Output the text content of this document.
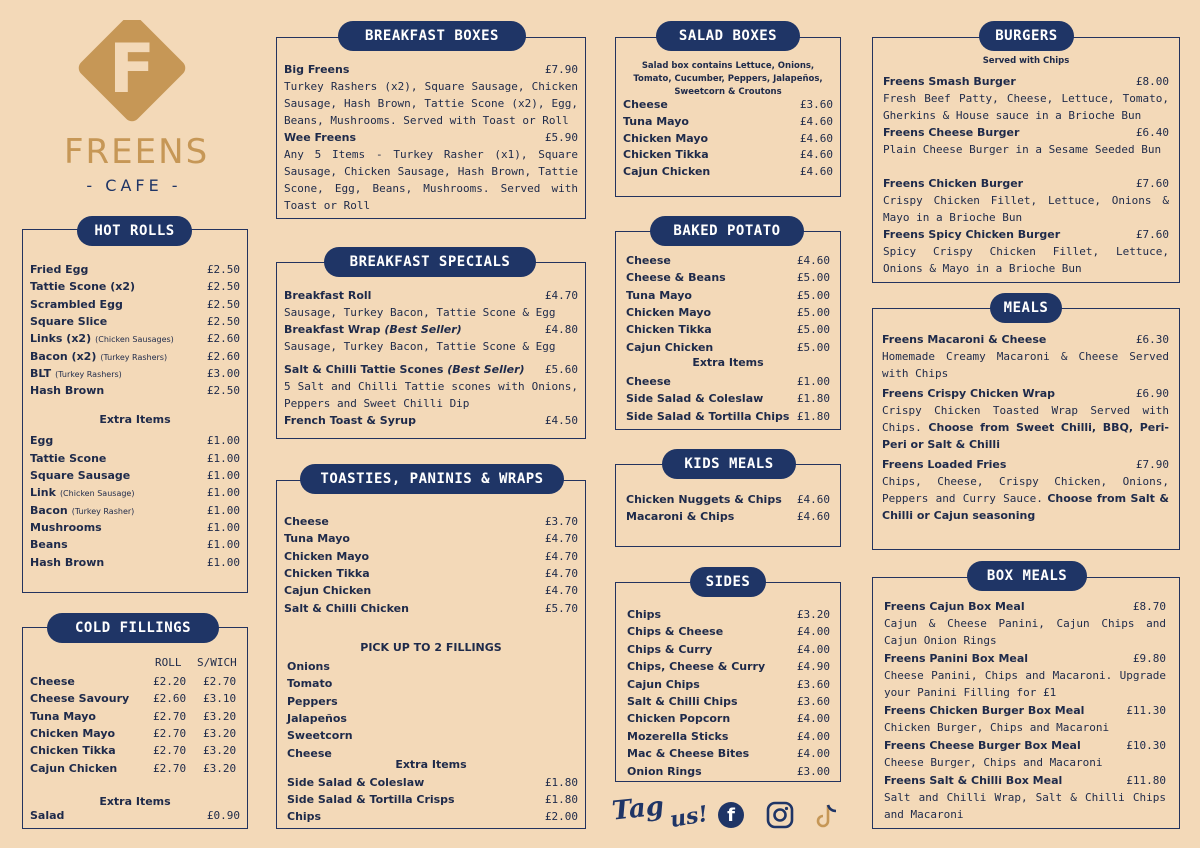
F
FREENS
- CAFE -
HOT ROLLS
Fried Egg	£2.50
Tattie Scone (x2)	£2.50
Scrambled Egg	£2.50
Square Slice	£2.50
Links (x2) (Chicken Sausages)	£2.60
Bacon (x2) (Turkey Rashers)	£2.60
BLT (Turkey Rashers)	£3.00
Hash Brown	£2.50
Extra Items
Egg	£1.00
Tattie Scone	£1.00
Square Sausage	£1.00
Link (Chicken Sausage)	£1.00
Bacon (Turkey Rasher)	£1.00
Mushrooms	£1.00
Beans	£1.00
Hash Brown	£1.00
COLD FILLINGS
ROLL S/WICH
Cheese	£2.20 £2.70
Cheese Savoury £2.60 £3.10
Tuna Mayo	£2.70 £3.20
Chicken Mayo	£2.70 £3.20
Chicken Tikka	£2.70 £3.20
Cajun Chicken	£2.70 £3.20
Extra Items
Salad	£0.90
BREAKFAST BOXES
Big Freens	£7.90
Turkey Rashers (x2), Square Sausage, Chicken Sausage, Hash Brown, Tattie Scone (x2), Egg, Beans, Mushrooms. Served with Toast or Roll
Wee Freens	£5.90
Any 5 Items - Turkey Rasher (x1), Square Sausage, Chicken Sausage, Hash Brown, Tattie Scone, Egg, Beans, Mushrooms. Served with Toast or Roll
BREAKFAST SPECIALS
Breakfast Roll	£4.70
Sausage, Turkey Bacon, Tattie Scone & Egg
Breakfast Wrap (Best Seller)	£4.80
Sausage, Turkey Bacon, Tattie Scone & Egg
Salt & Chilli Tattie Scones (Best Seller) £5.60
5 Salt and Chilli Tattie scones with Onions, Peppers and Sweet Chilli Dip
French Toast & Syrup	£4.50
TOASTIES, PANINIS & WRAPS
Cheese	£3.70
Tuna Mayo	£4.70
Chicken Mayo	£4.70
Chicken Tikka	£4.70
Cajun Chicken	£4.70
Salt & Chilli Chicken	£5.70
PICK UP TO 2 FILLINGS
Onions
Tomato
Peppers
Jalapeños
Sweetcorn
Cheese
Extra Items
Side Salad & Coleslaw	£1.80
Side Salad & Tortilla Crisps	£1.80
Chips	£2.00
SALAD BOXES
Salad box contains Lettuce, Onions, Tomato, Cucumber, Peppers, Jalapeños, Sweetcorn & Croutons
Cheese	£3.60
Tuna Mayo	£4.60
Chicken Mayo	£4.60
Chicken Tikka	£4.60
Cajun Chicken	£4.60
BAKED POTATO
Cheese	£4.60
Cheese & Beans	£5.00
Tuna Mayo	£5.00
Chicken Mayo	£5.00
Chicken Tikka	£5.00
Cajun Chicken	£5.00
Extra Items
Cheese	£1.00
Side Salad & Coleslaw	£1.80
Side Salad & Tortilla Chips £1.80
KIDS MEALS
Chicken Nuggets & Chips £4.60
Macaroni & Chips	£4.60
SIDES
Chips	£3.20
Chips & Cheese	£4.00
Chips & Curry	£4.00
Chips, Cheese & Curry	£4.90
Cajun Chips	£3.60
Salt & Chilli Chips	£3.60
Chicken Popcorn	£4.00
Mozerella Sticks	£4.00
Mac & Cheese Bites	£4.00
Onion Rings	£3.00
Tag us! f
BURGERS
Served with Chips
Freens Smash Burger	£8.00
Fresh Beef Patty, Cheese, Lettuce, Tomato, Gherkins & House sauce in a Brioche Bun
Freens Cheese Burger	£6.40
Plain Cheese Burger in a Sesame Seeded Bun
Freens Chicken Burger	£7.60
Crispy Chicken Fillet, Lettuce, Onions & Mayo in a Brioche Bun
Freens Spicy Chicken Burger	£7.60
Spicy Crispy Chicken Fillet, Lettuce, Onions & Mayo in a Brioche Bun
MEALS
Freens Macaroni & Cheese	£6.30
Homemade Creamy Macaroni & Cheese Served with Chips
Freens Crispy Chicken Wrap	£6.90
Crispy Chicken Toasted Wrap Served with Chips. Choose from Sweet Chilli, BBQ, Peri-Peri or Salt & Chilli
Freens Loaded Fries	£7.90
Chips, Cheese, Crispy Chicken, Onions, Peppers and Curry Sauce. Choose from Salt & Chilli or Cajun seasoning
BOX MEALS
Freens Cajun Box Meal	£8.70
Cajun & Cheese Panini, Cajun Chips and Cajun Onion Rings
Freens Panini Box Meal	£9.80
Cheese Panini, Chips and Macaroni. Upgrade your Panini Filling for £1
Freens Chicken Burger Box Meal	£11.30
Chicken Burger, Chips and Macaroni
Freens Cheese Burger Box Meal	£10.30
Cheese Burger, Chips and Macaroni
Freens Salt & Chilli Box Meal	£11.80
Salt and Chilli Wrap, Salt & Chilli Chips and Macaroni
